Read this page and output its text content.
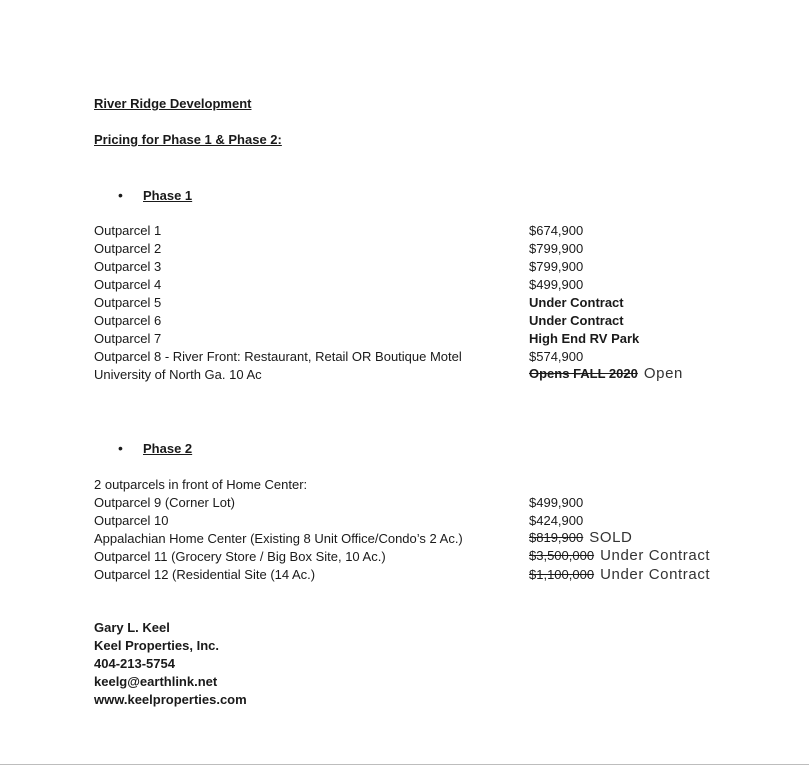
River Ridge Development
Pricing for Phase 1 & Phase 2:
• Phase 1
Outparcel 1	$674,900
Outparcel 2	$799,900
Outparcel 3	$799,900
Outparcel 4	$499,900
Outparcel 5	Under Contract
Outparcel 6	Under Contract
Outparcel 7	High End RV Park
Outparcel 8 - River Front: Restaurant, Retail OR Boutique Motel	$574,900
University of North Ga. 10 Ac	Opens FALL 2020 Open
• Phase 2
2 outparcels in front of Home Center:
Outparcel 9 (Corner Lot)	$499,900
Outparcel 10	$424,900
Appalachian Home Center (Existing 8 Unit Office/Condo’s 2 Ac.)	$819,900 SOLD
Outparcel 11 (Grocery Store / Big Box Site, 10 Ac.)	$3,500,000 Under Contract
Outparcel 12 (Residential Site (14 Ac.)	$1,100,000 Under Contract
Gary L. Keel
Keel Properties, Inc.
404-213-5754
keelg@earthlink.net
www.keelproperties.com
